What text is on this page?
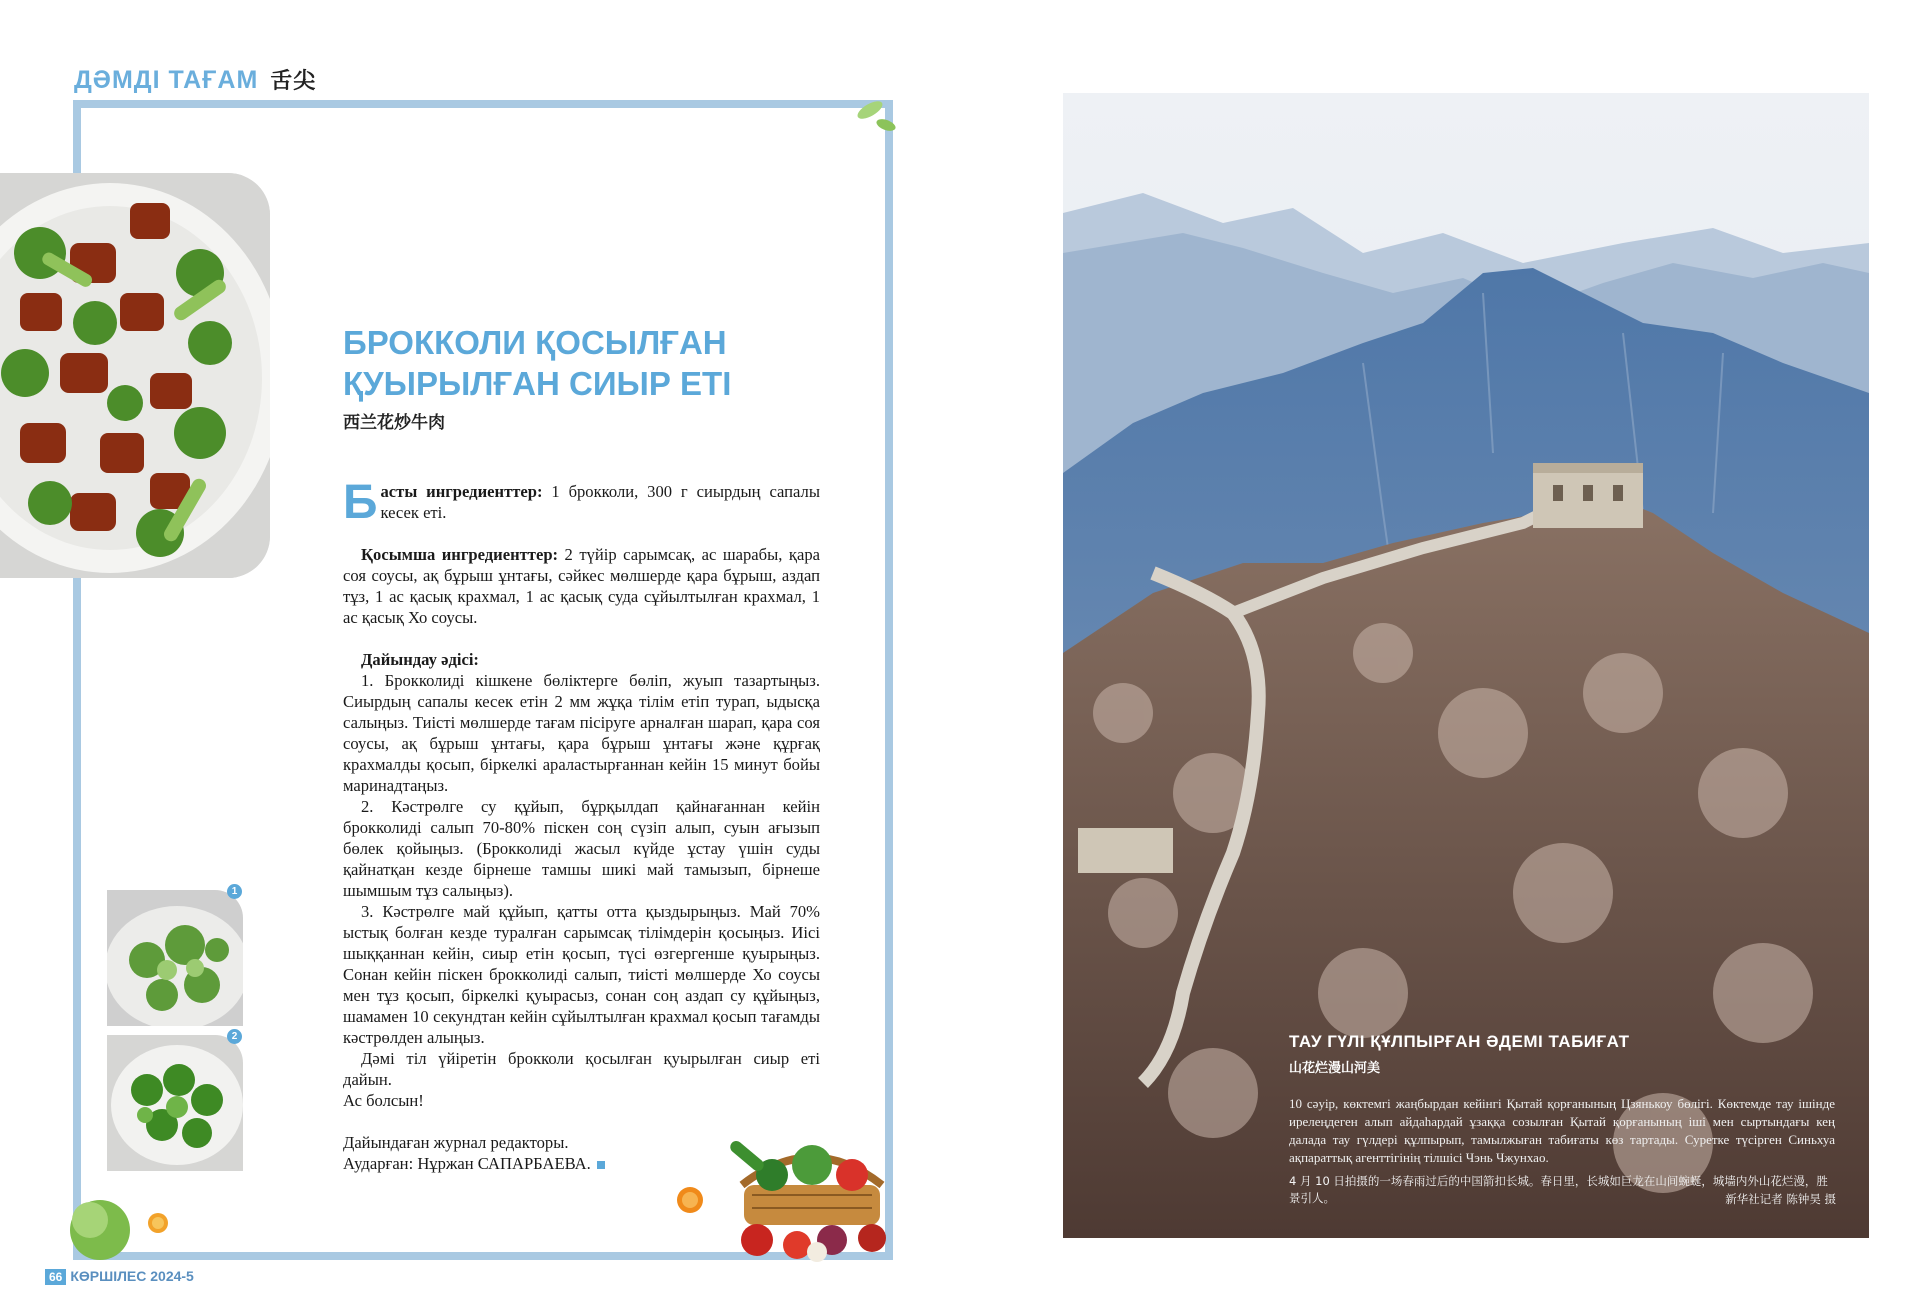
ДӘМДІ ТАҒАМ 舌尖
БРОККОЛИ ҚОСЫЛҒАН
ҚУЫРЫЛҒАН СИЫР ЕТІ
西兰花炒牛肉

Басты ингредиенттер: 1 брокколи, 300 г сиырдың сапалы кесек еті.

Қосымша ингредиенттер: 2 түйір сарымсақ, ас шарабы, қара соя соусы, ақ бұрыш ұнтағы, сәйкес мөлшерде қара бұрыш, аздап тұз, 1 ас қасық крахмал, 1 ас қасық суда сұйылтылған крахмал, 1 ас қасық Хо соусы.

Дайындау әдісі:

1. Брокколиді кішкене бөліктерге бөліп, жуып тазартыңыз. Сиырдың сапалы кесек етін 2 мм жұқа тілім етіп турап, ыдысқа салыңыз. Тиісті мөлшерде тағам пісіруге арналған шарап, қара соя соусы, ақ бұрыш ұнтағы, қара бұрыш ұнтағы және құрғақ крахмалды қосып, біркелкі араластырғаннан кейін 15 минут бойы маринадтаңыз.

2. Кәстрөлге су құйып, бұрқылдап қайнағаннан кейін брокколиді салып 70-80% піскен соң сүзіп алып, суын ағызып бөлек қойыңыз. (Брокколиді жасыл күйде ұстау үшін суды қайнатқан кезде бірнеше тамшы шикі май тамызып, бірнеше шымшым тұз салыңыз).

3. Кәстрөлге май құйып, қатты отта қыздырыңыз. Май 70% ыстық болған кезде туралған сарымсақ тілімдерін қосыңыз. Иісі шыққаннан кейін, сиыр етін қосып, түсі өзгергенше қуырыңыз. Сонан кейін піскен брокколиді салып, тиісті мөлшерде Хо соусы мен тұз қосып, біркелкі қуырасыз, сонан соң аздап су құйыңыз, шамамен 10 секундтан кейін сұйылтылған крахмал қосып тағамды кәстрөлден алыңыз.

Дәмі тіл үйіретін брокколи қосылған қуырылған сиыр еті дайын.

Ас болсын!

Дайындаған журнал редакторы.

Аударған: Нұржан САПАРБАЕВА.

1
2
66 КӨРШІЛЕС 2024-5
ТАУ ГҮЛІ ҚҰЛПЫРҒАН ӘДЕМІ ТАБИҒАТ
山花烂漫山河美
10 сәуір, көктемгі жаңбырдан кейінгі Қытай қорғанының Цзянькоу бөлігі. Көктемде тау ішінде ирелеңдеген алып айдаһардай ұзаққа созылған Қытай қорғанының іші мен сыртындағы кең далада тау гүлдері құлпырып, тамылжыған табиғаты көз тартады. Суретке түсірген Синьхуа ақпараттық агенттігінің тілшісі Чэнь Чжунхао.
4 月 10 日拍摄的一场春雨过后的中国箭扣长城。春日里，长城如巨龙在山间蜿蜒，城墙内外山花烂漫，胜景引人。	新华社记者 陈钟昊 摄
